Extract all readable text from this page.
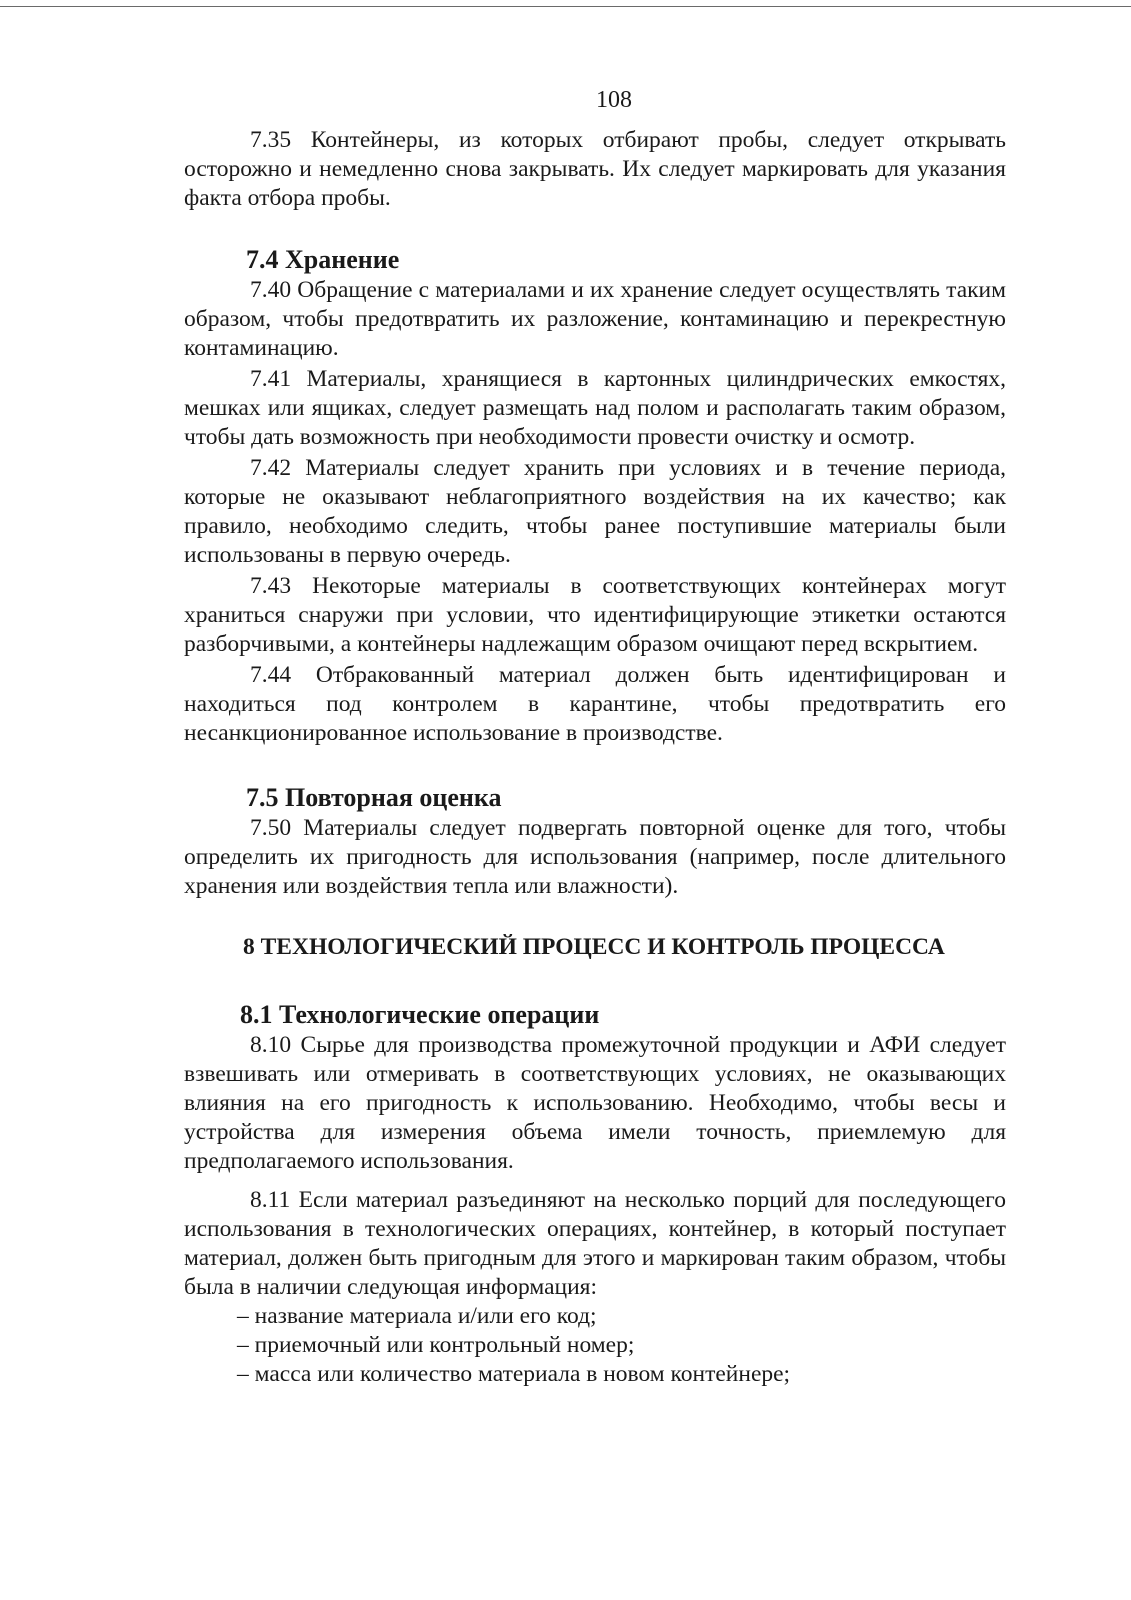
108

7.35 Контейнеры, из которых отбирают пробы, следует открывать осторожно и немедленно снова закрывать. Их следует маркировать для указания факта отбора пробы.

7.4 Хранение

7.40 Обращение с материалами и их хранение следует осуществлять таким образом, чтобы предотвратить их разложение, контаминацию и перекрестную контаминацию.

7.41 Материалы, хранящиеся в картонных цилиндрических емкостях, мешках или ящиках, следует размещать над полом и располагать таким образом, чтобы дать возможность при необходимости провести очистку и осмотр.

7.42 Материалы следует хранить при условиях и в течение периода, которые не оказывают неблагоприятного воздействия на их качество; как правило, необходимо следить, чтобы ранее поступившие материалы были использованы в первую очередь.

7.43 Некоторые материалы в соответствующих контейнерах могут храниться снаружи при условии, что идентифицирующие этикетки остаются разборчивыми, а контейнеры надлежащим образом очищают перед вскрытием.

7.44 Отбракованный материал должен быть идентифицирован и находиться под контролем в карантине, чтобы предотвратить его несанкционированное использование в производстве.

7.5 Повторная оценка

7.50 Материалы следует подвергать повторной оценке для того, чтобы определить их пригодность для использования (например, после длительного хранения или воздействия тепла или влажности).

8 ТЕХНОЛОГИЧЕСКИЙ ПРОЦЕСС И КОНТРОЛЬ ПРОЦЕССА
8.1 Технологические операции

8.10 Сырье для производства промежуточной продукции и АФИ следует взвешивать или отмеривать в соответствующих условиях, не оказывающих влияния на его пригодность к использованию. Необходимо, чтобы весы и устройства для измерения объема имели точность, приемлемую для предполагаемого использования.

8.11 Если материал разъединяют на несколько порций для последующего использования в технологических операциях, контейнер, в который поступает материал, должен быть пригодным для этого и маркирован таким образом, чтобы была в наличии следующая информация:

– название материала и/или его код;

– приемочный или контрольный номер;

– масса или количество материала в новом контейнере;
